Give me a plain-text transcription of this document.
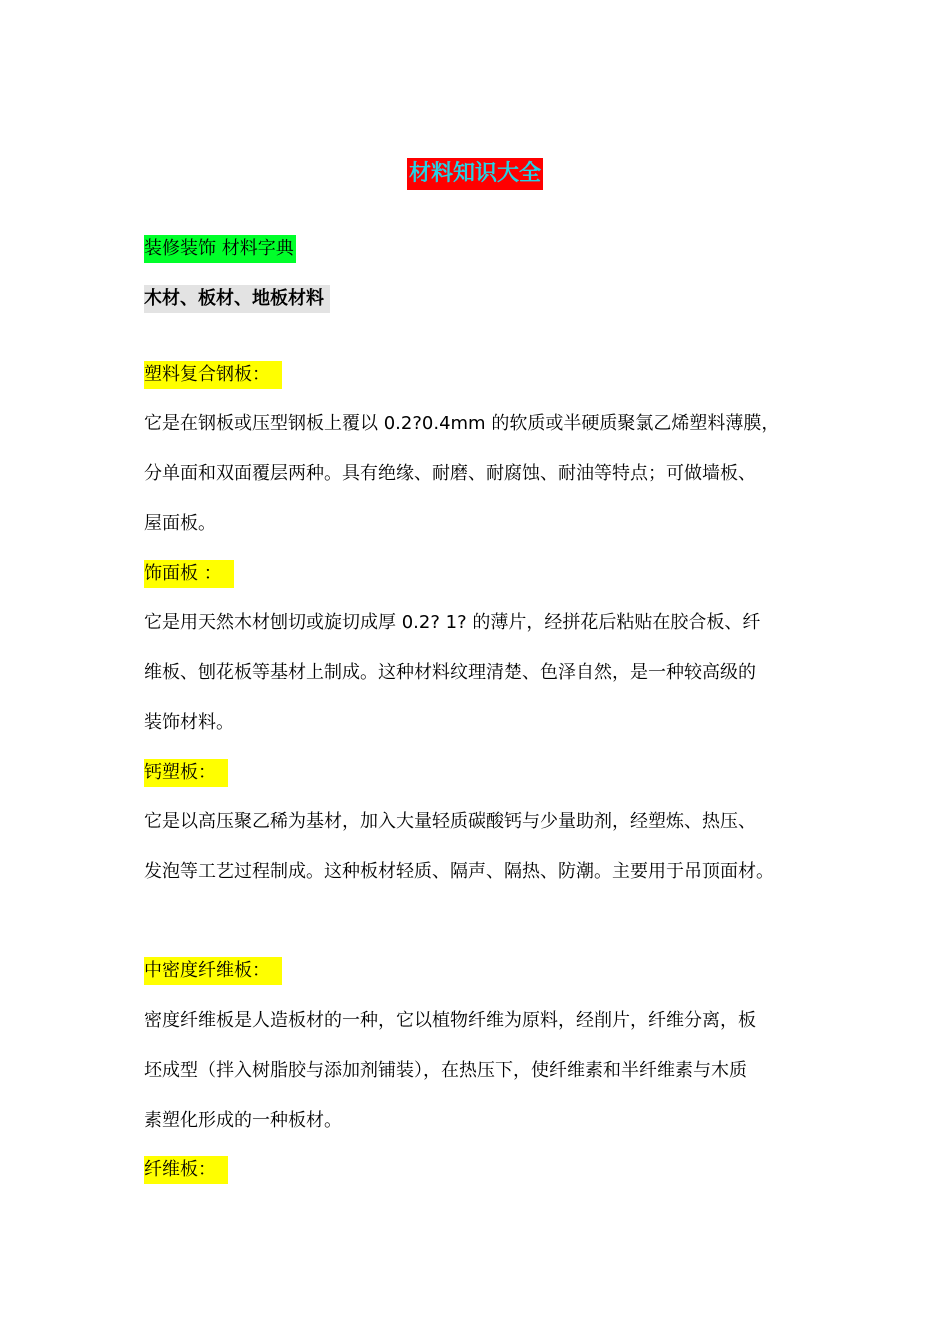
材料知识大全
装修装饰 材料字典
木材、板材、地板材料
塑料复合钢板：

它是在钢板或压型钢板上覆以 0.2?0.4mm 的软质或半硬质聚氯乙烯塑料薄膜，

分单面和双面覆层两种。具有绝缘、耐磨、耐腐蚀、耐油等特点；可做墙板、

屋面板。

饰面板 ：

它是用天然木材刨切或旋切成厚 0.2? 1? 的薄片，经拼花后粘贴在胶合板、纤

维板、刨花板等基材上制成。这种材料纹理清楚、色泽自然，是一种较高级的

装饰材料。

钙塑板：

它是以高压聚乙稀为基材，加入大量轻质碳酸钙与少量助剂，经塑炼、热压、

发泡等工艺过程制成。这种板材轻质、隔声、隔热、防潮。主要用于吊顶面材。

中密度纤维板：

密度纤维板是人造板材的一种，它以植物纤维为原料，经削片，纤维分离，板

坯成型（拌入树脂胶与添加剂铺装），在热压下，使纤维素和半纤维素与木质

素塑化形成的一种板材。

纤维板：
